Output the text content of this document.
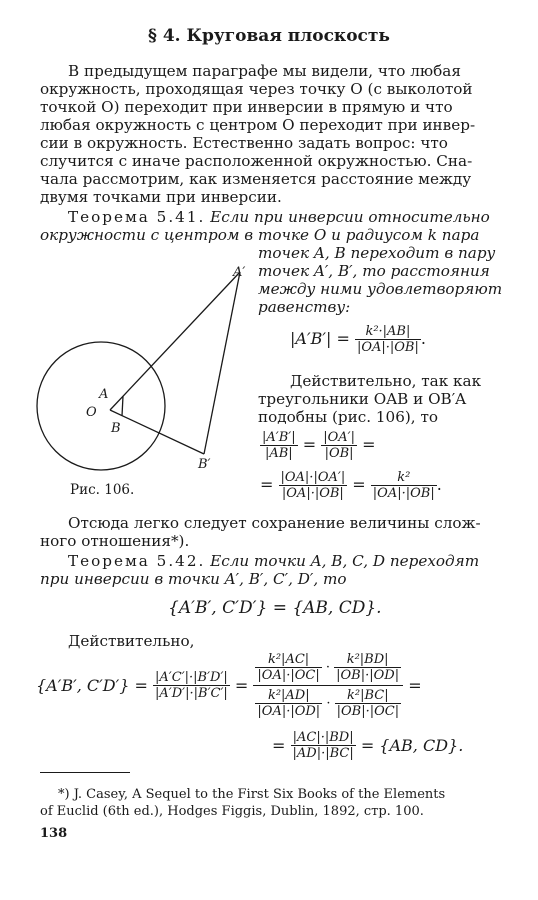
§ 4. Круговая плоскость
В предыдущем параграфе мы видели, что любая
окружность, проходящая через точку O (с выколотой
точкой O) переходит при инверсии в прямую и что
любая окружность с центром O переходит при инвер-
сии в окружность. Естественно задать вопрос: что
случится с иначе расположенной окружностью. Сна-
чала рассмотрим, как изменяется расстояние между
двумя точками при инверсии.
Теорема 5.41. Если при инверсии относительно
окружности с центром в точке O и радиусом k пара
точек A, B переходит в пару
точек A′, B′, то расстояния
между ними удовлетворяют
равенству:
$|A'B'| = \frac{\text{k²·|AB|}}{|OA|\cdot|OB|}$ .
Действительно, так как
треугольники OAB и OB′A
подобны (рис. 106), то
$\frac{|A'B'|}{|AB|} = \frac{|OA'|}{|OB|}$ =
= $\frac{|OA|\cdot|OA'|}{|OA|\cdot|OB|} = \frac{\text{k²}}{|OA|\cdot|OB|}$ .
O
A
B
A′
B′
Рис. 106.
Отсюда легко следует сохранение величины слож-
ного отношения*).
Теорема 5.42. Если точки A, B, C, D переходят
при инверсии в точки A′, B′, C′, D′, то
{A′B′, C′D′} = {AB, CD}.
Действительно,
{A′B′, $C'D'\} = \frac{|A'C'|\cdot|B'D'|}{|A'D'|\cdot|B'C'|} = \frac{\frac{\text{k²|AC|}}{|OA|\cdot|OC|} \cdot \frac{\text{k²|BD|}}{|OB|\cdot|OD|}}{\frac{\text{k²|AD|}}{|OA|\cdot|OD|} \cdot \frac{\text{k²|BC|}}{|OB|\cdot|OC|}}$ =
= $\frac{|AC|\cdot|BD|}{|AD|\cdot|BC|} = \{AB$, CD}.
*) J. Casey, A Sequel to the First Six Books of the Elements
of Euclid (6th ed.), Hodges Figgis, Dublin, 1892, стр. 100.
138
